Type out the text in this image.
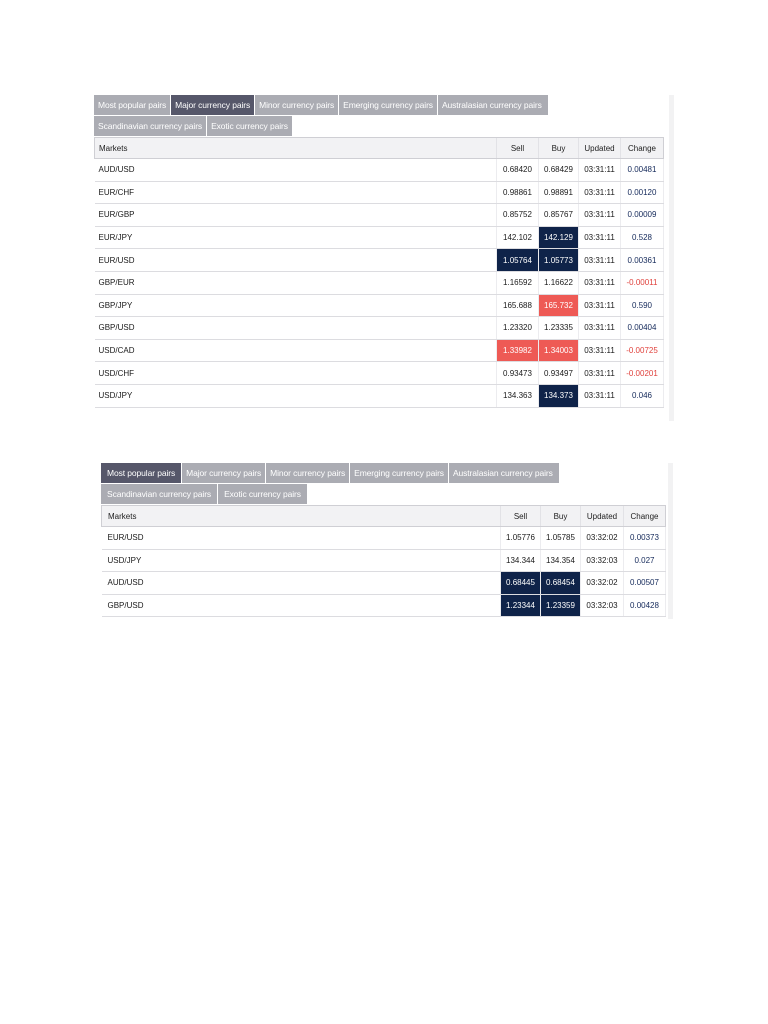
Most popular pairs	Major currency pairs	Minor currency pairs	Emerging currency pairs	Australasian currency pairs
Scandinavian currency pairs	Exotic currency pairs
Markets	Sell	Buy	Updated	Change
AUD/USD	0.68420	0.68429	03:31:11	0.00481
EUR/CHF	0.98861	0.98891	03:31:11	0.00120
EUR/GBP	0.85752	0.85767	03:31:11	0.00009
EUR/JPY	142.102	142.129	03:31:11	0.528
EUR/USD	1.05764	1.05773	03:31:11	0.00361
GBP/EUR	1.16592	1.16622	03:31:11	-0.00011
GBP/JPY	165.688	165.732	03:31:11	0.590
GBP/USD	1.23320	1.23335	03:31:11	0.00404
USD/CAD	1.33982	1.34003	03:31:11	-0.00725
USD/CHF	0.93473	0.93497	03:31:11	-0.00201
USD/JPY	134.363	134.373	03:31:11	0.046
Most popular pairs	Major currency pairs	Minor currency pairs	Emerging currency pairs	Australasian currency pairs
Scandinavian currency pairs	Exotic currency pairs
Markets	Sell	Buy	Updated	Change
EUR/USD	1.05776	1.05785	03:32:02	0.00373
USD/JPY	134.344	134.354	03:32:03	0.027
AUD/USD	0.68445	0.68454	03:32:02	0.00507
GBP/USD	1.23344	1.23359	03:32:03	0.00428
